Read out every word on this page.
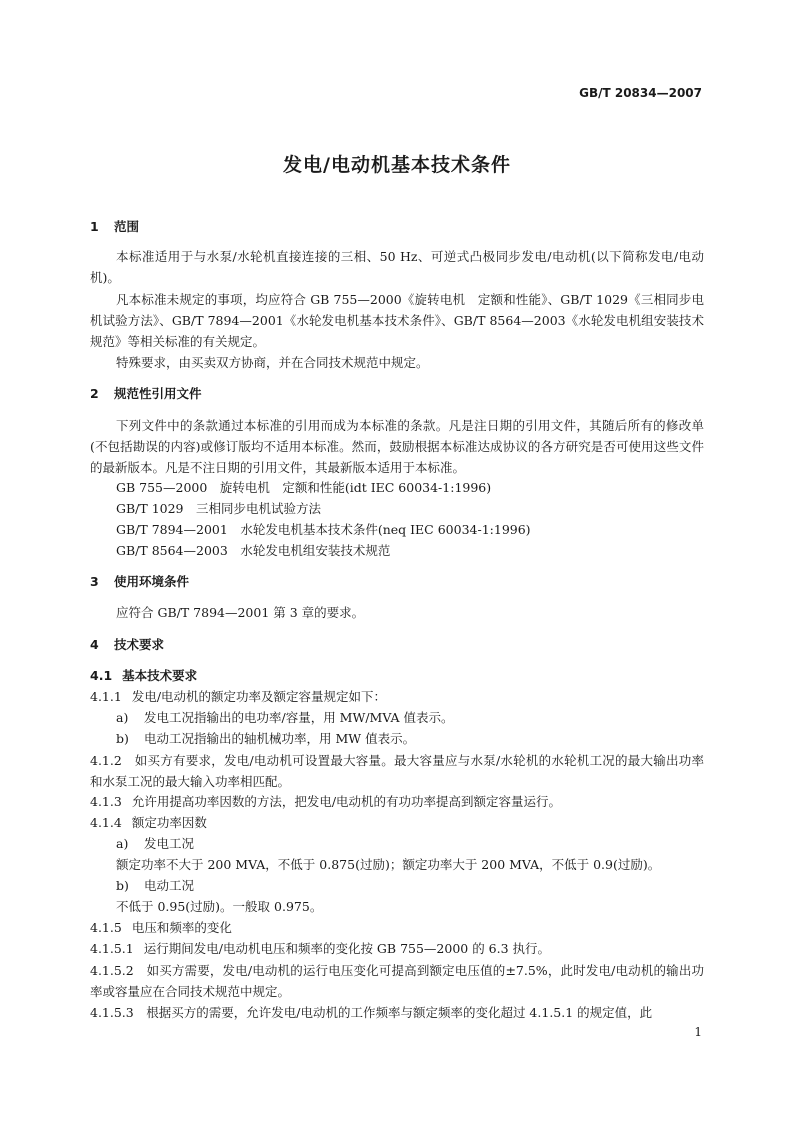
GB/T 20834—2007
发电/电动机基本技术条件
1 范围
本标准适用于与水泵/水轮机直接连接的三相、50 Hz、可逆式凸极同步发电/电动机(以下简称发电/电动机)。
凡本标准未规定的事项，均应符合 GB 755—2000《旋转电机　定额和性能》、GB/T 1029《三相同步电机试验方法》、GB/T 7894—2001《水轮发电机基本技术条件》、GB/T 8564—2003《水轮发电机组安装技术规范》等相关标准的有关规定。
特殊要求，由买卖双方协商，并在合同技术规范中规定。
2 规范性引用文件
下列文件中的条款通过本标准的引用而成为本标准的条款。凡是注日期的引用文件，其随后所有的修改单(不包括勘误的内容)或修订版均不适用本标准。然而，鼓励根据本标准达成协议的各方研究是否可使用这些文件的最新版本。凡是不注日期的引用文件，其最新版本适用于本标准。
GB 755—2000　旋转电机　定额和性能(idt IEC 60034-1:1996)
GB/T 1029　三相同步电机试验方法
GB/T 7894—2001　水轮发电机基本技术条件(neq IEC 60034-1:1996)
GB/T 8564—2003　水轮发电机组安装技术规范
3 使用环境条件
应符合 GB/T 7894—2001 第 3 章的要求。
4 技术要求
4.1 基本技术要求
4.1.1 发电/电动机的额定功率及额定容量规定如下：
a) 发电工况指输出的电功率/容量，用 MW/MVA 值表示。
b) 电动工况指输出的轴机械功率，用 MW 值表示。
4.1.2　 如买方有要求，发电/电动机可设置最大容量。最大容量应与水泵/水轮机的水轮机工况的最大输出功率和水泵工况的最大输入功率相匹配。
4.1.3 允许用提高功率因数的方法，把发电/电动机的有功功率提高到额定容量运行。
4.1.4 额定功率因数
a) 发电工况
额定功率不大于 200 MVA，不低于 0.875(过励)；额定功率大于 200 MVA，不低于 0.9(过励)。
b) 电动工况
不低于 0.95(过励)。一般取 0.975。
4.1.5 电压和频率的变化
4.1.5.1 运行期间发电/电动机电压和频率的变化按 GB 755—2000 的 6.3 执行。
4.1.5.2　 如买方需要，发电/电动机的运行电压变化可提高到额定电压值的±7.5%，此时发电/电动机的输出功率或容量应在合同技术规范中规定。
4.1.5.3　 根据买方的需要，允许发电/电动机的工作频率与额定频率的变化超过 4.1.5.1 的规定值，此
1
